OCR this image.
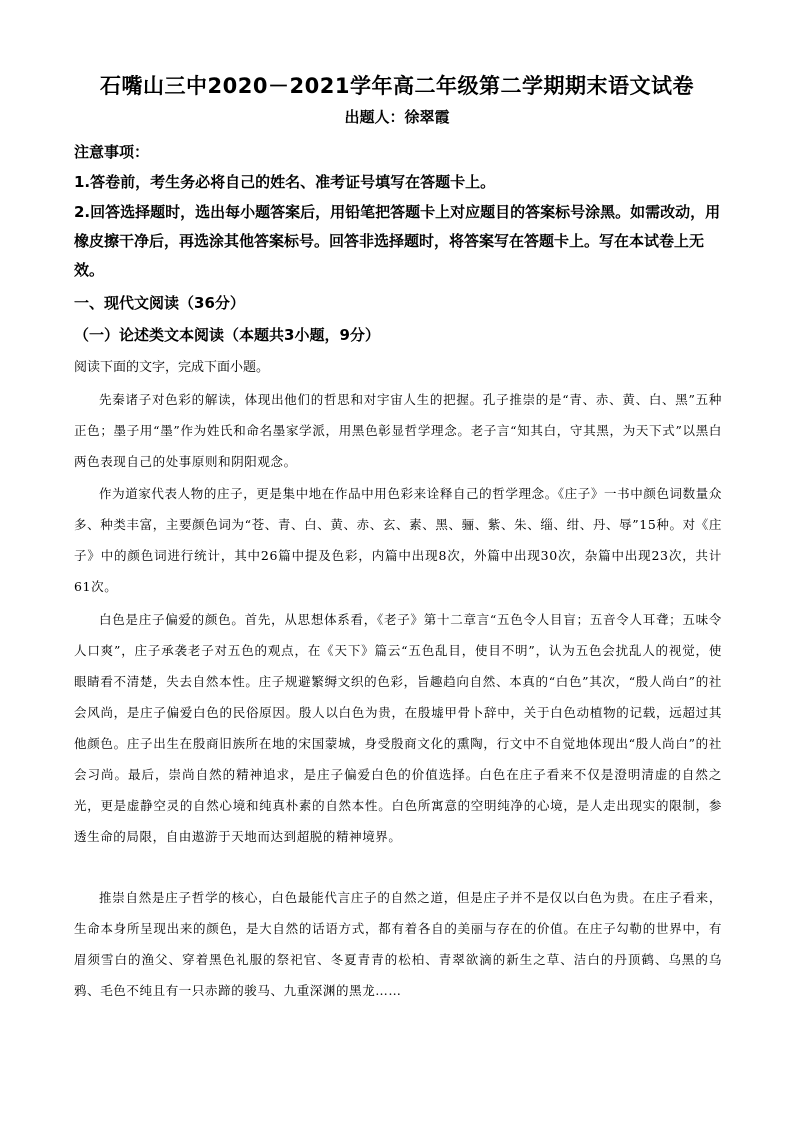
石嘴山三中2020－2021学年高二年级第二学期期末语文试卷
出题人：徐翠霞
注意事项：
1.答卷前，考生务必将自己的姓名、准考证号填写在答题卡上。
2.回答选择题时，选出每小题答案后，用铅笔把答题卡上对应题目的答案标号涂黑。如需改动，用橡皮擦干净后，再选涂其他答案标号。回答非选择题时，将答案写在答题卡上。写在本试卷上无效。
一、现代文阅读（36分）
（一）论述类文本阅读（本题共3小题，9分）
阅读下面的文字，完成下面小题。
先秦诸子对色彩的解读，体现出他们的哲思和对宇宙人生的把握。孔子推崇的是“青、赤、黄、白、黑”五种正色；墨子用“墨”作为姓氏和命名墨家学派，用黑色彰显哲学理念。老子言“知其白，守其黑，为天下式”以黑白两色表现自己的处事原则和阴阳观念。
作为道家代表人物的庄子，更是集中地在作品中用色彩来诠释自己的哲学理念。《庄子》一书中颜色词数量众多、种类丰富，主要颜色词为“苍、青、白、黄、赤、玄、素、黑、骊、紫、朱、缁、绀、丹、辱”15种。对《庄子》中的颜色词进行统计，其中26篇中提及色彩，内篇中出现8次，外篇中出现30次，杂篇中出现23次，共计61次。
白色是庄子偏爱的颜色。首先，从思想体系看，《老子》第十二章言“五色令人目盲；五音令人耳聋；五味令人口爽”，庄子承袭老子对五色的观点，在《天下》篇云“五色乱目，使目不明”，认为五色会扰乱人的视觉，使眼睛看不清楚，失去自然本性。庄子规避繁缛文织的色彩，旨趣趋向自然、本真的“白色”其次，“殷人尚白”的社会风尚，是庄子偏爱白色的民俗原因。殷人以白色为贵，在殷墟甲骨卜辞中，关于白色动植物的记载，远超过其他颜色。庄子出生在殷商旧族所在地的宋国蒙城，身受殷商文化的熏陶，行文中不自觉地体现出“殷人尚白”的社会习尚。最后，崇尚自然的精神追求，是庄子偏爱白色的价值选择。白色在庄子看来不仅是澄明清虚的自然之光，更是虚静空灵的自然心境和纯真朴素的自然本性。白色所寓意的空明纯净的心境，是人走出现实的限制，参透生命的局限，自由遨游于天地而达到超脱的精神境界。
推崇自然是庄子哲学的核心，白色最能代言庄子的自然之道，但是庄子并不是仅以白色为贵。在庄子看来，生命本身所呈现出来的颜色，是大自然的话语方式，都有着各自的美丽与存在的价值。在庄子勾勒的世界中，有眉须雪白的渔父、穿着黑色礼服的祭祀官、冬夏青青的松柏、青翠欲滴的新生之草、洁白的丹顶鹤、乌黑的乌鸦、毛色不纯且有一只赤蹄的骏马、九重深渊的黑龙……
